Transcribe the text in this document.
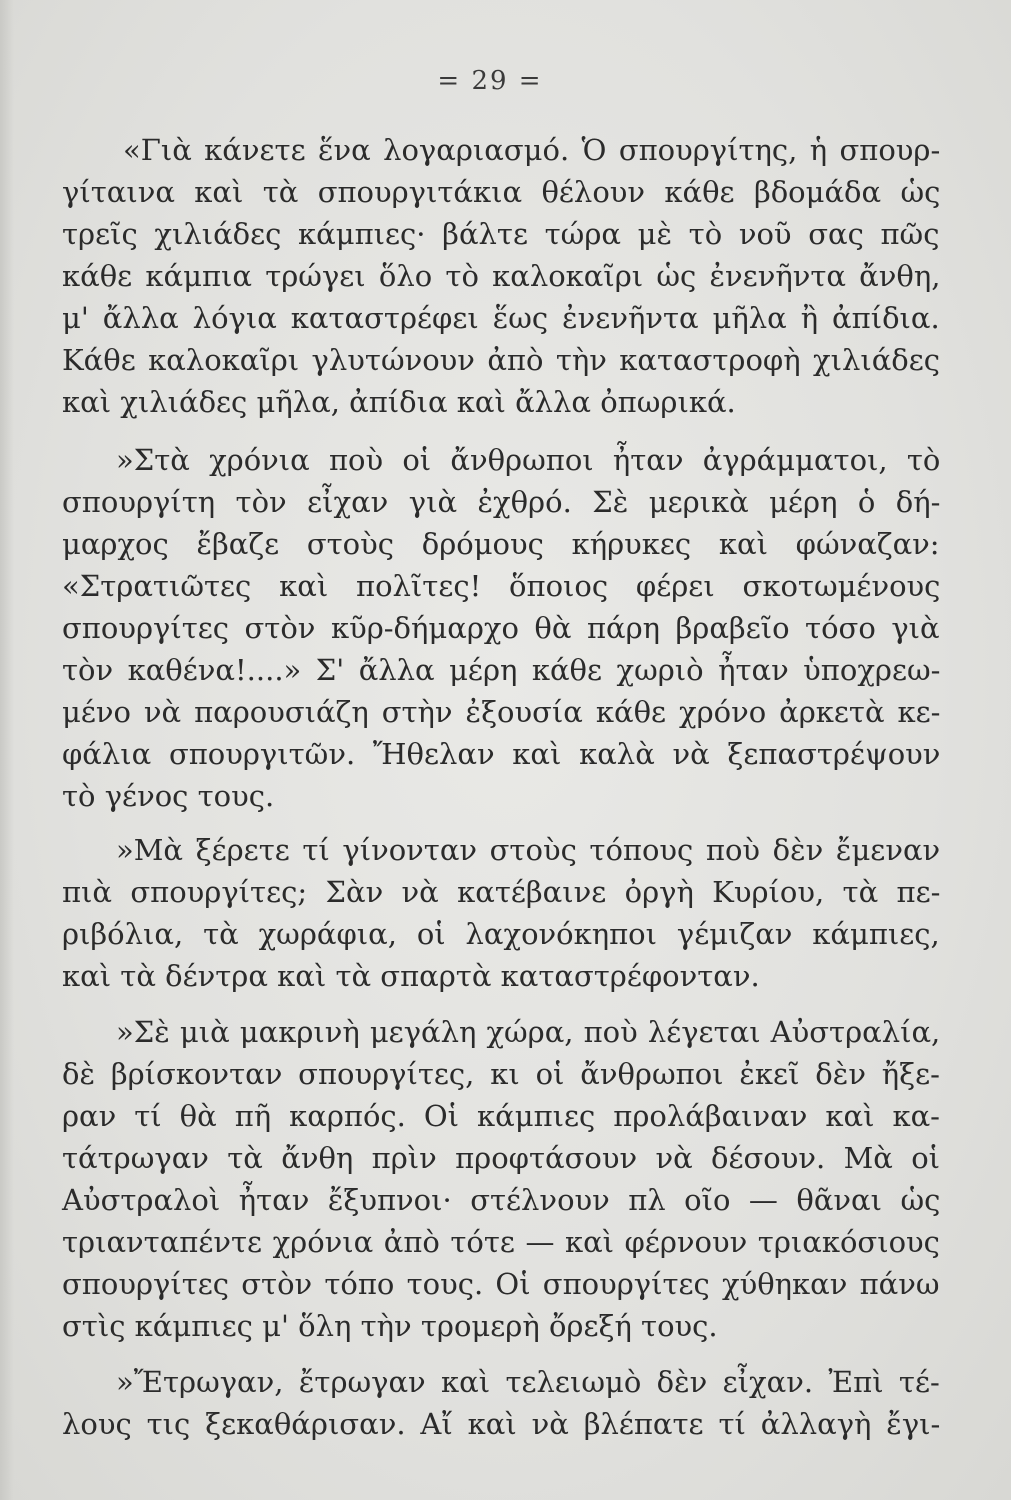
= 29 =
«Γιὰ κάνετε ἕνα λογαριασμό. Ὁ σπουργίτης, ἡ σπουρ-
γίταινα καὶ τὰ σπουργιτάκια θέλουν κάθε βδομάδα ὡς
τρεῖς χιλιάδες κάμπιες· βάλτε τώρα μὲ τὸ νοῦ σας πῶς
κάθε κάμπια τρώγει ὅλο τὸ καλοκαῖρι ὡς ἐνενῆντα ἄνθη,
μ' ἄλλα λόγια καταστρέφει ἕως ἐνενῆντα μῆλα ἢ ἀπίδια.
Κάθε καλοκαῖρι γλυτώνουν ἀπὸ τὴν καταστροφὴ χιλιάδες
καὶ χιλιάδες μῆλα, ἀπίδια καὶ ἄλλα ὀπωρικά.
»Στὰ χρόνια ποὺ οἱ ἄνθρωποι ἦταν ἀγράμματοι, τὸ
σπουργίτη τὸν εἶχαν γιὰ ἐχθρό. Σὲ μερικὰ μέρη ὁ δή-
μαρχος ἔβαζε στοὺς δρόμους κήρυκες καὶ φώναζαν:
«Στρατιῶτες καὶ πολῖτες! ὅποιος φέρει σκοτωμένους
σπουργίτες στὸν κῦρ-δήμαρχο θὰ πάρη βραβεῖο τόσο γιὰ
τὸν καθένα!....» Σ' ἄλλα μέρη κάθε χωριὸ ἦταν ὑποχρεω-
μένο νὰ παρουσιάζη στὴν ἐξουσία κάθε χρόνο ἀρκετὰ κε-
φάλια σπουργιτῶν. Ἤθελαν καὶ καλὰ νὰ ξεπαστρέψουν
τὸ γένος τους.
»Μὰ ξέρετε τί γίνονταν στοὺς τόπους ποὺ δὲν ἔμεναν
πιὰ σπουργίτες; Σὰν νὰ κατέβαινε ὀργὴ Κυρίου, τὰ πε-
ριβόλια, τὰ χωράφια, οἱ λαχονόκηποι γέμιζαν κάμπιες,
καὶ τὰ δέντρα καὶ τὰ σπαρτὰ καταστρέφονταν.
»Σὲ μιὰ μακρινὴ μεγάλη χώρα, ποὺ λέγεται Αὐστραλία,
δὲ βρίσκονταν σπουργίτες, κι οἱ ἄνθρωποι ἐκεῖ δὲν ἤξε-
ραν τί θὰ πῆ καρπός. Οἱ κάμπιες προλάβαιναν καὶ κα-
τάτρωγαν τὰ ἄνθη πρὶν προφτάσουν νὰ δέσουν. Μὰ οἱ
Αὐστραλοὶ ἦταν ἔξυπνοι· στέλνουν πλ οῖο — θᾶναι ὡς
τριανταπέντε χρόνια ἀπὸ τότε — καὶ φέρνουν τριακόσιους
σπουργίτες στὸν τόπο τους. Οἱ σπουργίτες χύθηκαν πάνω
στὶς κάμπιες μ' ὅλη τὴν τρομερὴ ὄρεξή τους.
»Ἔτρωγαν, ἔτρωγαν καὶ τελειωμὸ δὲν εἶχαν. Ἐπὶ τέ-
λους τις ξεκαθάρισαν. Αἴ καὶ νὰ βλέπατε τί ἀλλαγὴ ἔγι-
